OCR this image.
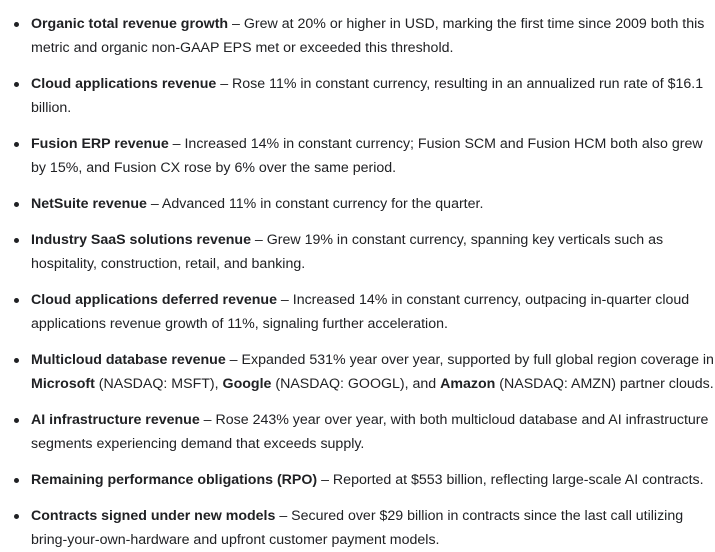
Organic total revenue growth – Grew at 20% or higher in USD, marking the first time since 2009 both this metric and organic non-GAAP EPS met or exceeded this threshold.
Cloud applications revenue – Rose 11% in constant currency, resulting in an annualized run rate of $16.1 billion.
Fusion ERP revenue – Increased 14% in constant currency; Fusion SCM and Fusion HCM both also grew by 15%, and Fusion CX rose by 6% over the same period.
NetSuite revenue – Advanced 11% in constant currency for the quarter.
Industry SaaS solutions revenue – Grew 19% in constant currency, spanning key verticals such as hospitality, construction, retail, and banking.
Cloud applications deferred revenue – Increased 14% in constant currency, outpacing in-quarter cloud applications revenue growth of 11%, signaling further acceleration.
Multicloud database revenue – Expanded 531% year over year, supported by full global region coverage in Microsoft (NASDAQ: MSFT), Google (NASDAQ: GOOGL), and Amazon (NASDAQ: AMZN) partner clouds.
AI infrastructure revenue – Rose 243% year over year, with both multicloud database and AI infrastructure segments experiencing demand that exceeds supply.
Remaining performance obligations (RPO) – Reported at $553 billion, reflecting large-scale AI contracts.
Contracts signed under new models – Secured over $29 billion in contracts since the last call utilizing bring-your-own-hardware and upfront customer payment models.
